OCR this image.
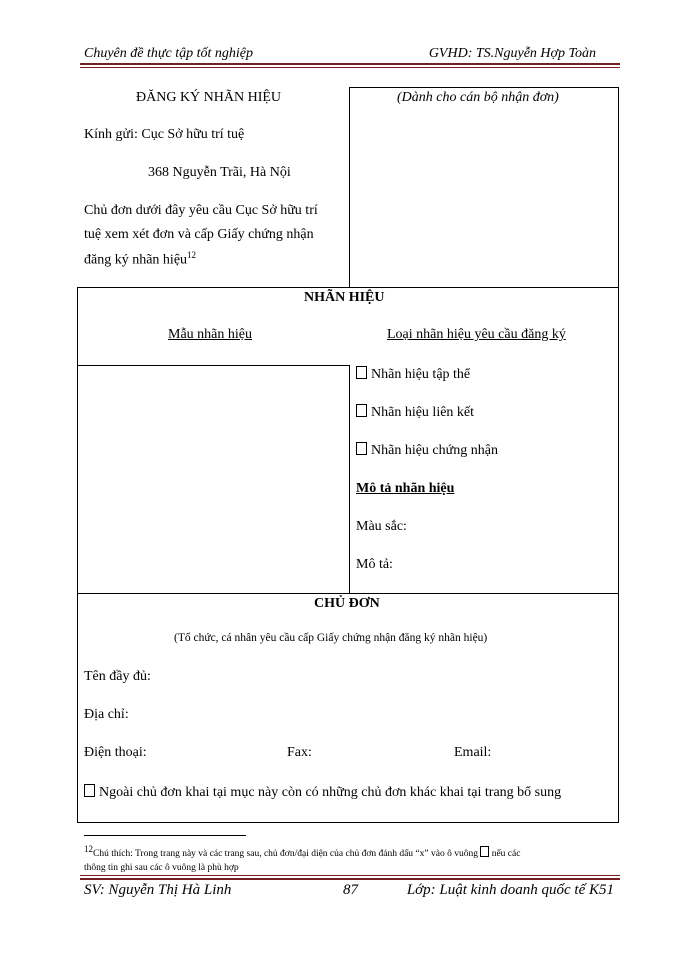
Chuyên đề thực tập tốt nghiệp	GVHD: TS.Nguyễn Hợp Toàn
ĐĂNG KÝ NHÃN HIỆU	(Dành cho cán bộ nhận đơn)
Kính gửi: Cục Sở hữu trí tuệ
368 Nguyễn Trãi, Hà Nội
Chủ đơn dưới đây yêu cầu Cục Sở hữu trí
tuệ xem xét đơn và cấp Giấy chứng nhận
đăng ký nhãn hiệu$^{12}$
NHÃN HIỆU
Mẫu nhãn hiệu	Loại nhãn hiệu yêu cầu đăng ký
Nhãn hiệu tập thể
Nhãn hiệu liên kết
Nhãn hiệu chứng nhận
Mô tả nhãn hiệu
Màu sắc:
Mô tả:
CHỦ ĐƠN
(Tổ chức, cá nhân yêu cầu cấp Giấy chứng nhận đăng ký nhãn hiệu)
Tên đầy đủ:
Địa chỉ:
Điện thoại:	Fax:	Email:
Ngoài chủ đơn khai tại mục này còn có những chủ đơn khác khai tại trang bổ sung
$^{12}$Chú thích: Trong trang này và các trang sau, chủ đơn/đại diện của chủ đơn đánh dấu “x” vào ô vuông nếu các
thông tin ghi sau các ô vuông là phù hợp
SV: Nguyễn Thị Hà Linh	87	Lớp: Luật kinh doanh quốc tế K51
